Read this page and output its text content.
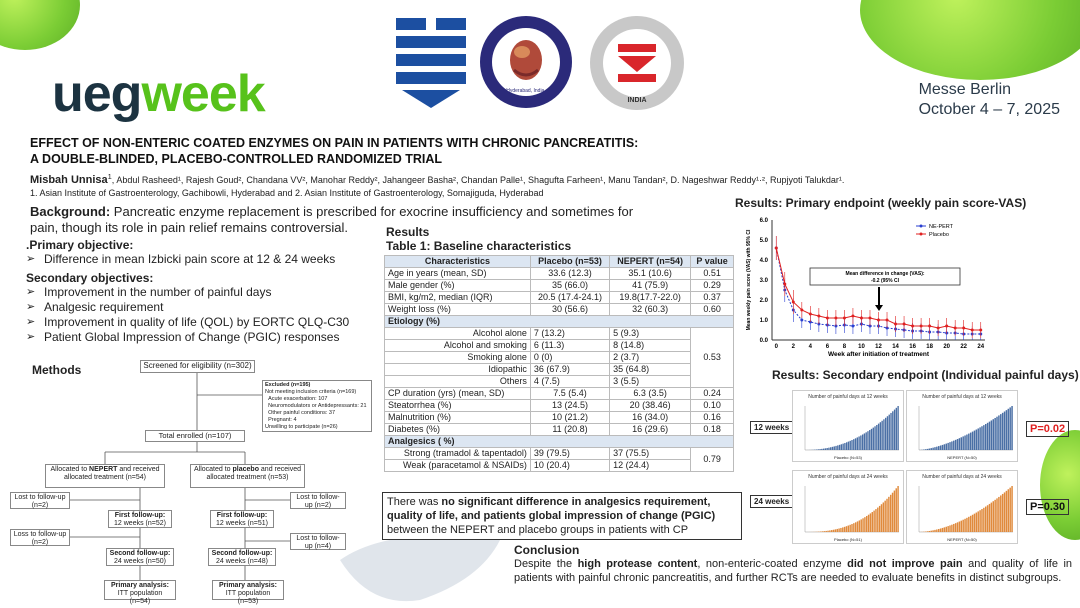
uegweek	Hyderabad, India.
INDIA
Messe Berlin
October 4 – 7, 2025
EFFECT OF NON-ENTERIC COATED ENZYMES ON PAIN IN PATIENTS WITH CHRONIC PANCREATITIS:
A DOUBLE-BLINDED, PLACEBO-CONTROLLED RANDOMIZED TRIAL
Misbah Unnisa$^1$, Abdul Rasheed¹, Rajesh Goud², Chandana VV², Manohar Reddy², Jahangeer Basha², Chandan Palle¹, Shagufta Farheen¹, Manu Tandan², D. Nageshwar Reddy¹·², Rupjyoti Talukdar¹.
1. Asian Institute of Gastroenterology, Gachibowli, Hyderabad and 2. Asian Institute of Gastroenterology, Somajiguda, Hyderabad
Background: Pancreatic enzyme replacement is prescribed for exocrine insufficiency and sometimes for pain, though its role in pain relief remains controversial.
.Primary objective:
➢ Difference in mean Izbicki pain score at 12 & 24 weeks
Secondary objectives:
➢ Improvement in the number of painful days
➢ Analgesic requirement
➢ Improvement in quality of life (QOL) by EORTC QLQ-C30
➢ Patient Global Impression of Change (PGIC) responses
Methods	Screened for eligibility (n=302)
Excluded (n=195)
Not meeting inclusion criteria (n=169)
Acute exacerbation: 107
Neuromodulators or Antidepressants: 21
Other painful conditions: 37
Pregnant: 4
Unwilling to participate (n=26)
Total enrolled (n=107)
Allocated to NEPERT and received allocated treatment (n=54)
Allocated to placebo and received allocated treatment (n=53)
Lost to follow-up (n=2)
Loss to follow-up (n=2)
Lost to follow-up (n=2)
Lost to follow-up (n=4)
First follow-up:
12 weeks (n=52)
First follow-up:
12 weeks (n=51)
Second follow-up:
24 weeks (n=50)
Second follow-up:
24 weeks (n=48)
Primary analysis:
ITT population (n=54)
Primary analysis:
ITT population (n=53)
Results
Table 1: Baseline characteristics
Characteristics	Placebo (n=53)	NEPERT (n=54)	P value
Age in years (mean, SD)	33.6 (12.3)	35.1 (10.6)	0.51
Male gender (%)	35 (66.0)	41 (75.9)	0.29
BMI, kg/m2, median (IQR)	20.5 (17.4-24.1)	19.8(17.7-22.0)	0.37
Weight loss (%)	30 (56.6)	32 (60.3)	0.60
Etiology (%)			
Alcohol alone	7 (13.2)	5 (9.3)	0.53
Alcohol and smoking	6 (11.3)	8 (14.8)	
Smoking alone	0 (0)	2 (3.7)	
Idiopathic	36 (67.9)	35 (64.8)	
Others	4 (7.5)	3 (5.5)	
CP duration (yrs) (mean, SD)	7.5 (5.4)	6.3 (3.5)	0.24
Steatorrhea (%)	13 (24.5)	20 (38.46)	0.10
Malnutrition (%)	10 (21.2)	16 (34.0)	0.16
Diabetes (%)	11 (20.8)	16 (29.6)	0.18
Analgesics ( %)			
Strong (tramadol & tapentadol)	39 (79.5)	37 (75.5)	0.79
Weak (paracetamol & NSAIDs)	10 (20.4)	12 (24.4)	
There was no significant difference in analgesics requirement, quality of life, and patients global impression of change (PGIC) between the NEPERT and placebo groups in patients with CP
Conclusion
Despite the high protease content, non-enteric-coated enzyme did not improve pain and quality of life in patients with painful chronic pancreatitis, and further RCTs are needed to evaluate benefits in distinct subgroups.
Results: Primary endpoint (weekly pain score-VAS)
0.0
1.0
2.0
3.0
4.0
5.0
6.0
0 2 4 6 8 10 12 14 16 18 20 22 24
Week after initiation of treatment
Mean weekly pain score (VAS) with 95% CI
NE-PERT
Placebo
Mean difference in change (VAS):
-0.2 (95% CI
Results: Secondary endpoint (Individual painful days)
12 weeks
24 weeks
P=0.02
P=0.30
Number of painful days at 12 weeks
Placebo (N=53)
Number of painful days at 12 weeks
NEPERT (N=50)
Number of painful days at 24 weeks
Placebo (N=51)
Number of painful days at 24 weeks
NEPERT (N=50)
